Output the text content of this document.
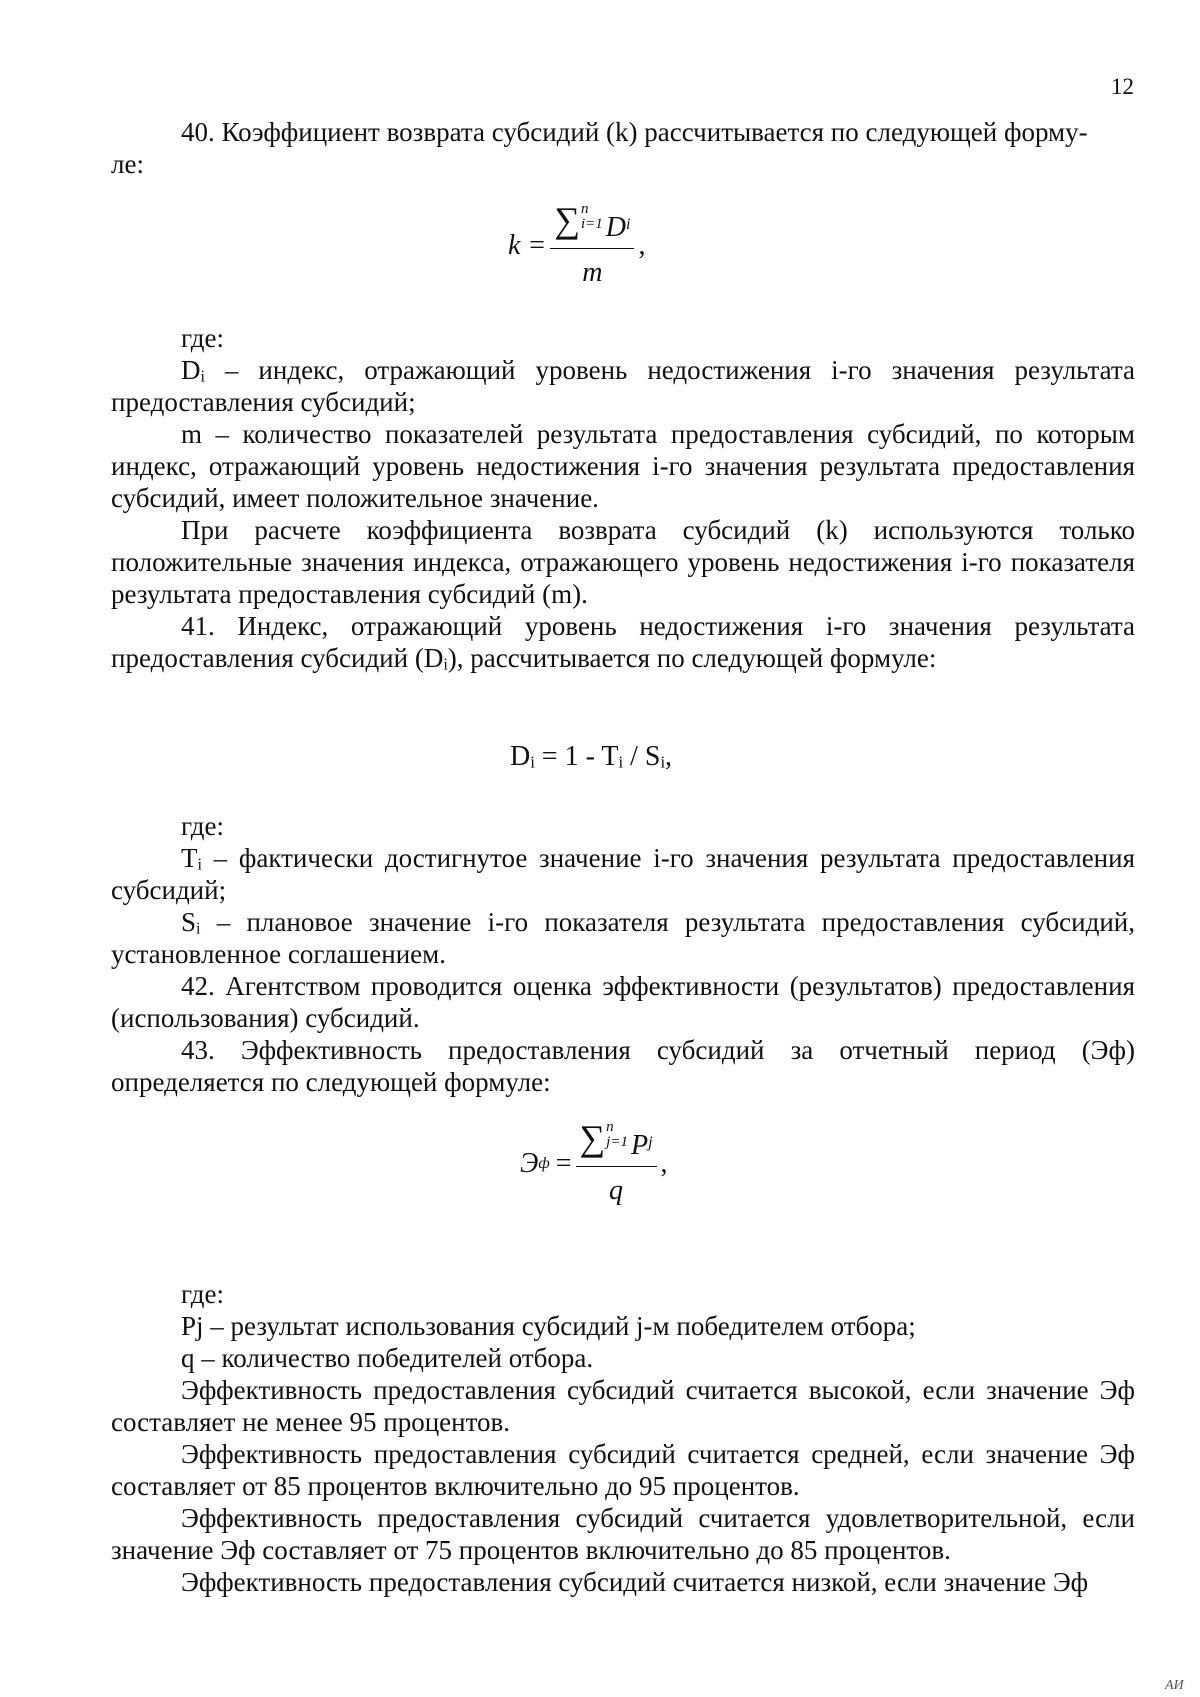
12

40. Коэффициент возврата субсидий (k) рассчитывается по следующей форму-

ле:

k = ∑ n
i=1 D i
m ,

где:

Dᵢ – индекс, отражающий уровень недостижения i-го значения результата предоставления субсидий;

m – количество показателей результата предоставления субсидий, по которым индекс, отражающий уровень недостижения i-го значения результата предоставления субсидий, имеет положительное значение.

При расчете коэффициента возврата субсидий (k) используются только положительные значения индекса, отражающего уровень недостижения i-го показателя результата предоставления субсидий (m).

41. Индекс, отражающий уровень недостижения i-го значения результата предоставления субсидий (Dᵢ), рассчитывается по следующей формуле:

Dᵢ = 1 - Tᵢ / Sᵢ,

где:

Tᵢ – фактически достигнутое значение i-го значения результата предоставления субсидий;

Sᵢ – плановое значение i-го показателя результата предоставления субсидий, установленное соглашением.

42. Агентством проводится оценка эффективности (результатов) предоставления (использования) субсидий.

43. Эффективность предоставления субсидий за отчетный период (Эф) определяется по следующей формуле:

Э ф = ∑ n
j=1 P j
q ,

где:

Pj – результат использования субсидий j-м победителем отбора;

q – количество победителей отбора.

Эффективность предоставления субсидий считается высокой, если значение Эф составляет не менее 95 процентов.

Эффективность предоставления субсидий считается средней, если значение Эф составляет от 85 процентов включительно до 95 процентов.

Эффективность предоставления субсидий считается удовлетворительной, если значение Эф составляет от 75 процентов включительно до 85 процентов.

Эффективность предоставления субсидий считается низкой, если значение Эф

АИ
